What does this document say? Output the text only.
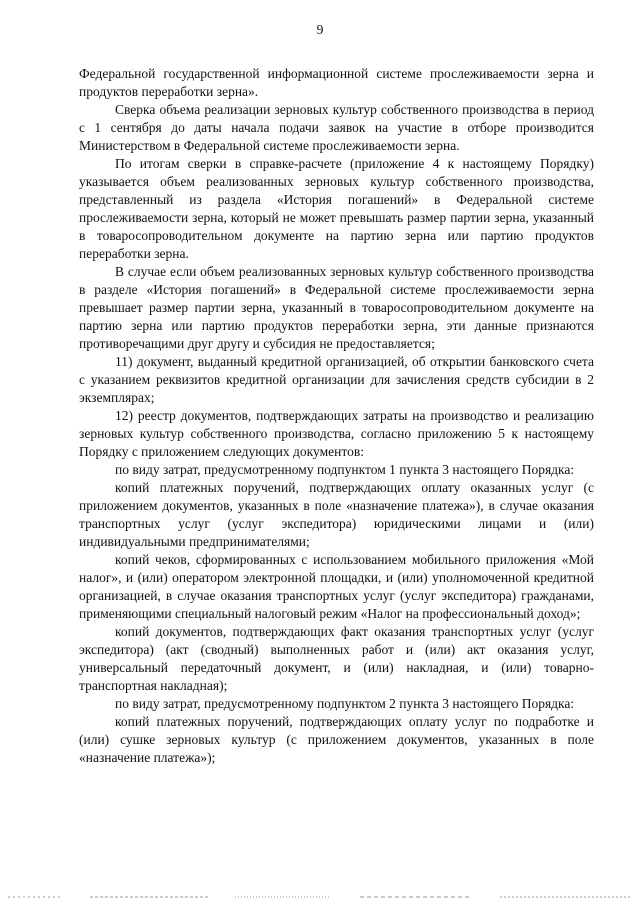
9

Федеральной государственной информационной системе прослеживаемости зерна и продуктов переработки зерна».

Сверка объема реализации зерновых культур собственного производства в период с 1 сентября до даты начала подачи заявок на участие в отборе производится Министерством в Федеральной системе прослеживаемости зерна.

По итогам сверки в справке-расчете (приложение 4 к настоящему Порядку) указывается объем реализованных зерновых культур собственного производства, представленный из раздела «История погашений» в Федеральной системе прослеживаемости зерна, который не может превышать размер партии зерна, указанный в товаросопроводительном документе на партию зерна или партию продуктов переработки зерна.

В случае если объем реализованных зерновых культур собственного производства в разделе «История погашений» в Федеральной системе прослеживаемости зерна превышает размер партии зерна, указанный в товаросопроводительном документе на партию зерна или партию продуктов переработки зерна, эти данные признаются противоречащими друг другу и субсидия не предоставляется;

11) документ, выданный кредитной организацией, об открытии банковского счета с указанием реквизитов кредитной организации для зачисления средств субсидии в 2 экземплярах;

12) реестр документов, подтверждающих затраты на производство и реализацию зерновых культур собственного производства, согласно приложению 5 к настоящему Порядку с приложением следующих документов:

по виду затрат, предусмотренному подпунктом 1 пункта 3 настоящего Порядка:

копий платежных поручений, подтверждающих оплату оказанных услуг (с приложением документов, указанных в поле «назначение платежа»), в случае оказания транспортных услуг (услуг экспедитора) юридическими лицами и (или) индивидуальными предпринимателями;

копий чеков, сформированных с использованием мобильного приложения «Мой налог», и (или) оператором электронной площадки, и (или) уполномоченной кредитной организацией, в случае оказания транспортных услуг (услуг экспедитора) гражданами, применяющими специальный налоговый режим «Налог на профессиональный доход»;

копий документов, подтверждающих факт оказания транспортных услуг (услуг экспедитора) (акт (сводный) выполненных работ и (или) акт оказания услуг, универсальный передаточный документ, и (или) накладная, и (или) товарно-транспортная накладная);

по виду затрат, предусмотренному подпунктом 2 пункта 3 настоящего Порядка:

копий платежных поручений, подтверждающих оплату услуг по подработке и (или) сушке зерновых культур (с приложением документов, указанных в поле «назначение платежа»);
